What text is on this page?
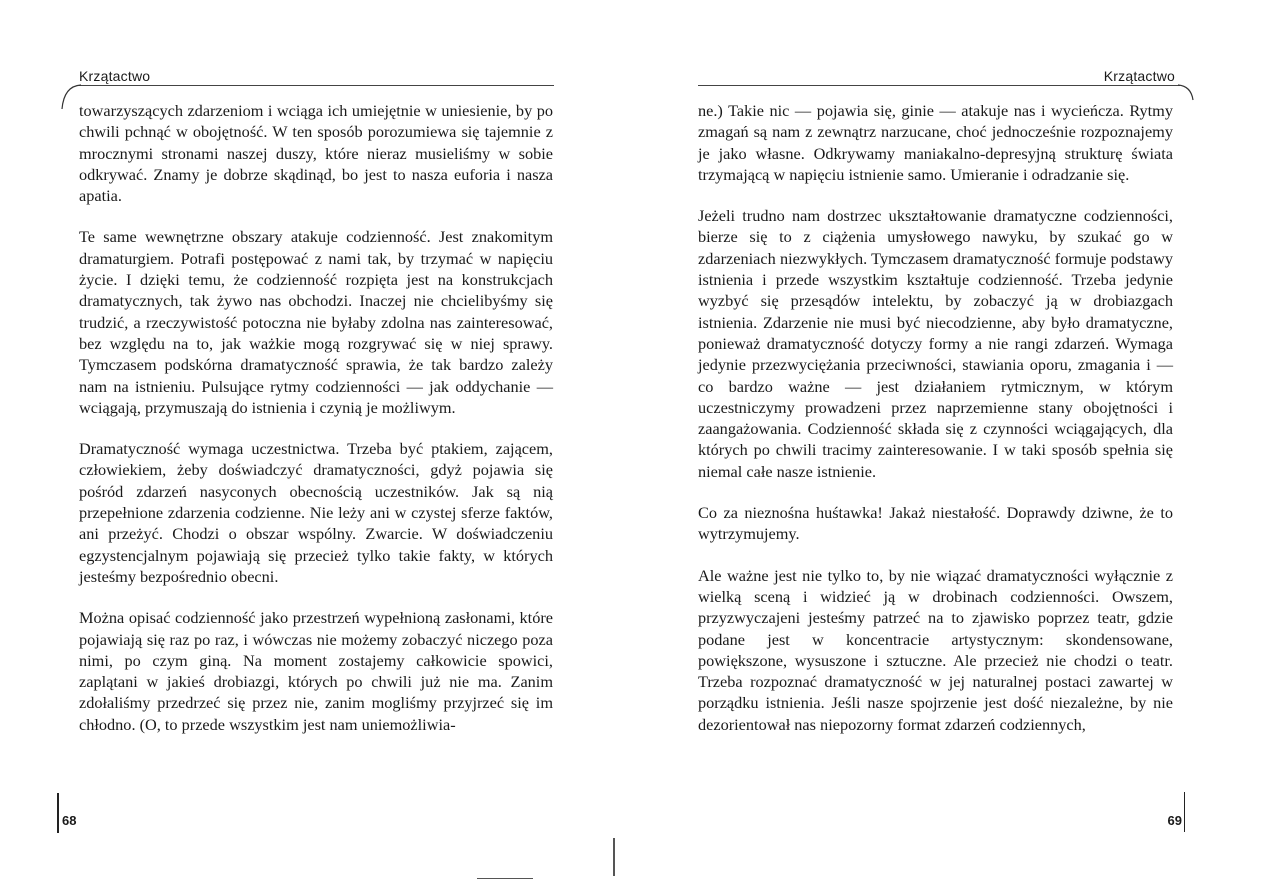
Krzątactwo

towarzyszących zdarzeniom i wciąga ich umiejętnie w uniesienie, by po chwili pchnąć w obojętność. W ten sposób porozumiewa się tajemnie z mrocznymi stronami naszej duszy, które nieraz musieliśmy w sobie odkrywać. Znamy je dobrze skądinąd, bo jest to nasza euforia i nasza apatia.

Te same wewnętrzne obszary atakuje codzienność. Jest znakomitym dramaturgiem. Potrafi postępować z nami tak, by trzymać w napięciu życie. I dzięki temu, że codzienność rozpięta jest na konstrukcjach dramatycznych, tak żywo nas obchodzi. Inaczej nie chcielibyśmy się trudzić, a rzeczywistość potoczna nie byłaby zdolna nas zainteresować, bez względu na to, jak ważkie mogą rozgrywać się w niej sprawy. Tymczasem podskórna dramatyczność sprawia, że tak bardzo zależy nam na istnieniu. Pulsujące rytmy codzienności — jak oddychanie — wciągają, przymuszają do istnienia i czynią je możliwym.

Dramatyczność wymaga uczestnictwa. Trzeba być ptakiem, zającem, człowiekiem, żeby doświadczyć dramatyczności, gdyż pojawia się pośród zdarzeń nasyconych obecnością uczestników. Jak są nią przepełnione zdarzenia codzienne. Nie leży ani w czystej sferze faktów, ani przeżyć. Chodzi o obszar wspólny. Zwarcie. W doświadczeniu egzystencjalnym pojawiają się przecież tylko takie fakty, w których jesteśmy bezpośrednio obecni.

Można opisać codzienność jako przestrzeń wypełnioną zasłonami, które pojawiają się raz po raz, i wówczas nie możemy zobaczyć niczego poza nimi, po czym giną. Na moment zostajemy całkowicie spowici, zaplątani w jakieś drobiazgi, których po chwili już nie ma. Zanim zdołaliśmy przedrzeć się przez nie, zanim mogliśmy przyjrzeć się im chłodno. (O, to przede wszystkim jest nam uniemożliwia-

68
Krzątactwo

ne.) Takie nic — pojawia się, ginie — atakuje nas i wycieńcza. Rytmy zmagań są nam z zewnątrz narzucane, choć jednocześnie rozpoznajemy je jako własne. Odkrywamy maniakalno-depresyjną strukturę świata trzymającą w napięciu istnienie samo. Umieranie i odradzanie się.

Jeżeli trudno nam dostrzec ukształtowanie dramatyczne codzienności, bierze się to z ciążenia umysłowego nawyku, by szukać go w zdarzeniach niezwykłych. Tymczasem dramatyczność formuje podstawy istnienia i przede wszystkim kształtuje codzienność. Trzeba jedynie wyzbyć się przesądów intelektu, by zobaczyć ją w drobiazgach istnienia. Zdarzenie nie musi być niecodzienne, aby było dramatyczne, ponieważ dramatyczność dotyczy formy a nie rangi zdarzeń. Wymaga jedynie przezwyciężania przeciwności, stawiania oporu, zmagania i — co bardzo ważne — jest działaniem rytmicznym, w którym uczestniczymy prowadzeni przez naprzemienne stany obojętności i zaangażowania. Codzienność składa się z czynności wciągających, dla których po chwili tracimy zainteresowanie. I w taki sposób spełnia się niemal całe nasze istnienie.

Co za nieznośna huśtawka! Jakaż niestałość. Doprawdy dziwne, że to wytrzymujemy.

Ale ważne jest nie tylko to, by nie wiązać dramatyczności wyłącznie z wielką sceną i widzieć ją w drobinach codzienności. Owszem, przyzwyczajeni jesteśmy patrzeć na to zjawisko poprzez teatr, gdzie podane jest w koncentracie artystycznym: skondensowane, powiększone, wysuszone i sztuczne. Ale przecież nie chodzi o teatr. Trzeba rozpoznać dramatyczność w jej naturalnej postaci zawartej w porządku istnienia. Jeśli nasze spojrzenie jest dość niezależne, by nie dezorientował nas niepozorny format zdarzeń codziennych,

69
